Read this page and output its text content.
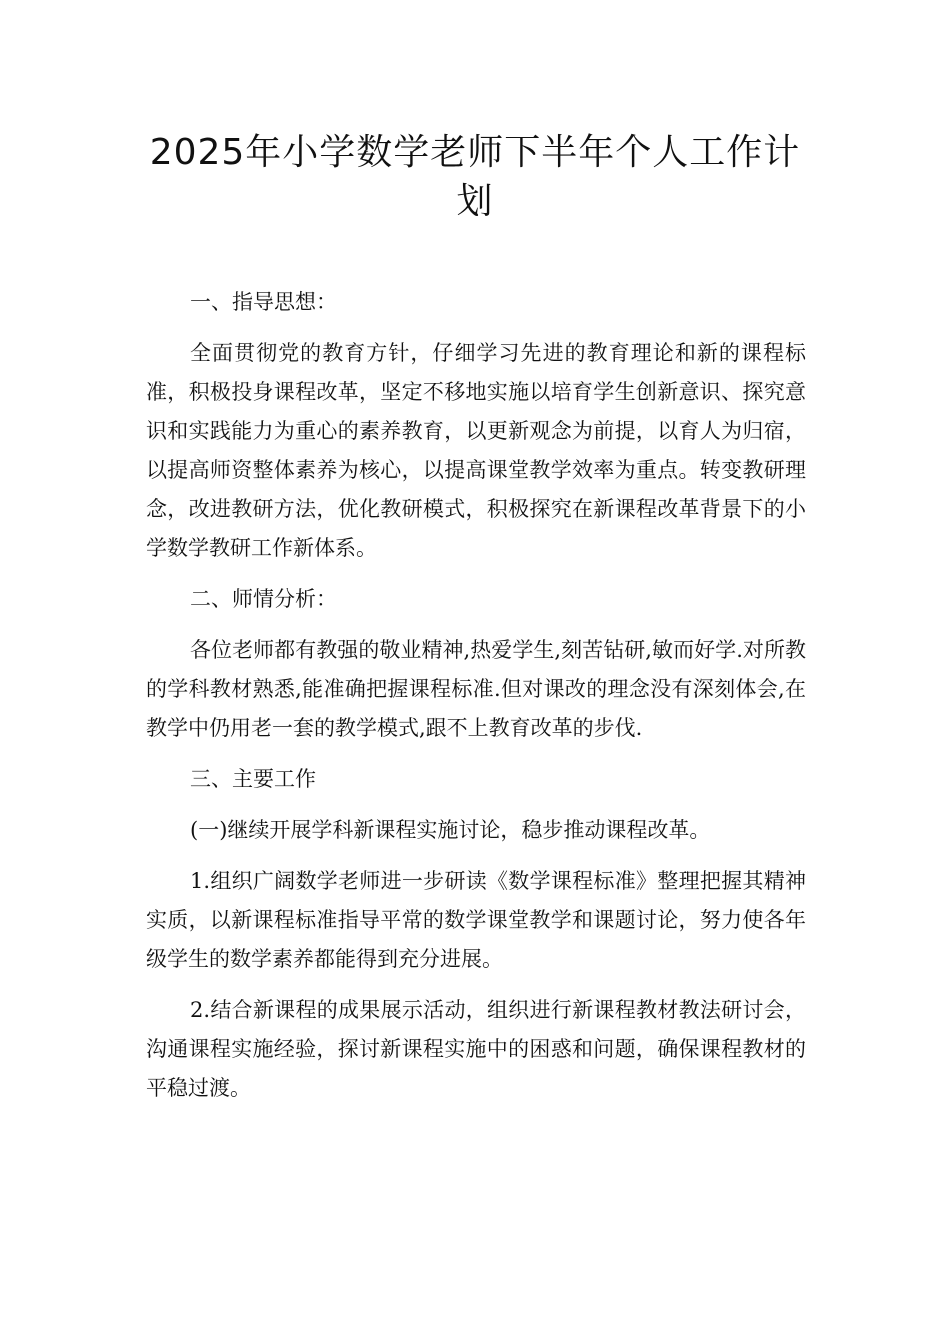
2025年小学数学老师下半年个人工作计划

一、指导思想：

全面贯彻党的教育方针，仔细学习先进的教育理论和新的课程标准，积极投身课程改革，坚定不移地实施以培育学生创新意识、探究意识和实践能力为重心的素养教育，以更新观念为前提，以育人为归宿，以提高师资整体素养为核心，以提高课堂教学效率为重点。转变教研理念，改进教研方法，优化教研模式，积极探究在新课程改革背景下的小学数学教研工作新体系。

二、师情分析：

各位老师都有教强的敬业精神,热爱学生,刻苦钻研,敏而好学.对所教的学科教材熟悉,能准确把握课程标准.但对课改的理念没有深刻体会,在教学中仍用老一套的教学模式,跟不上教育改革的步伐.

三、主要工作

(一)继续开展学科新课程实施讨论，稳步推动课程改革。

1.组织广阔数学老师进一步研读《数学课程标准》整理把握其精神实质，以新课程标准指导平常的数学课堂教学和课题讨论，努力使各年级学生的数学素养都能得到充分进展。

2.结合新课程的成果展示活动，组织进行新课程教材教法研讨会，沟通课程实施经验，探讨新课程实施中的困惑和问题，确保课程教材的平稳过渡。
